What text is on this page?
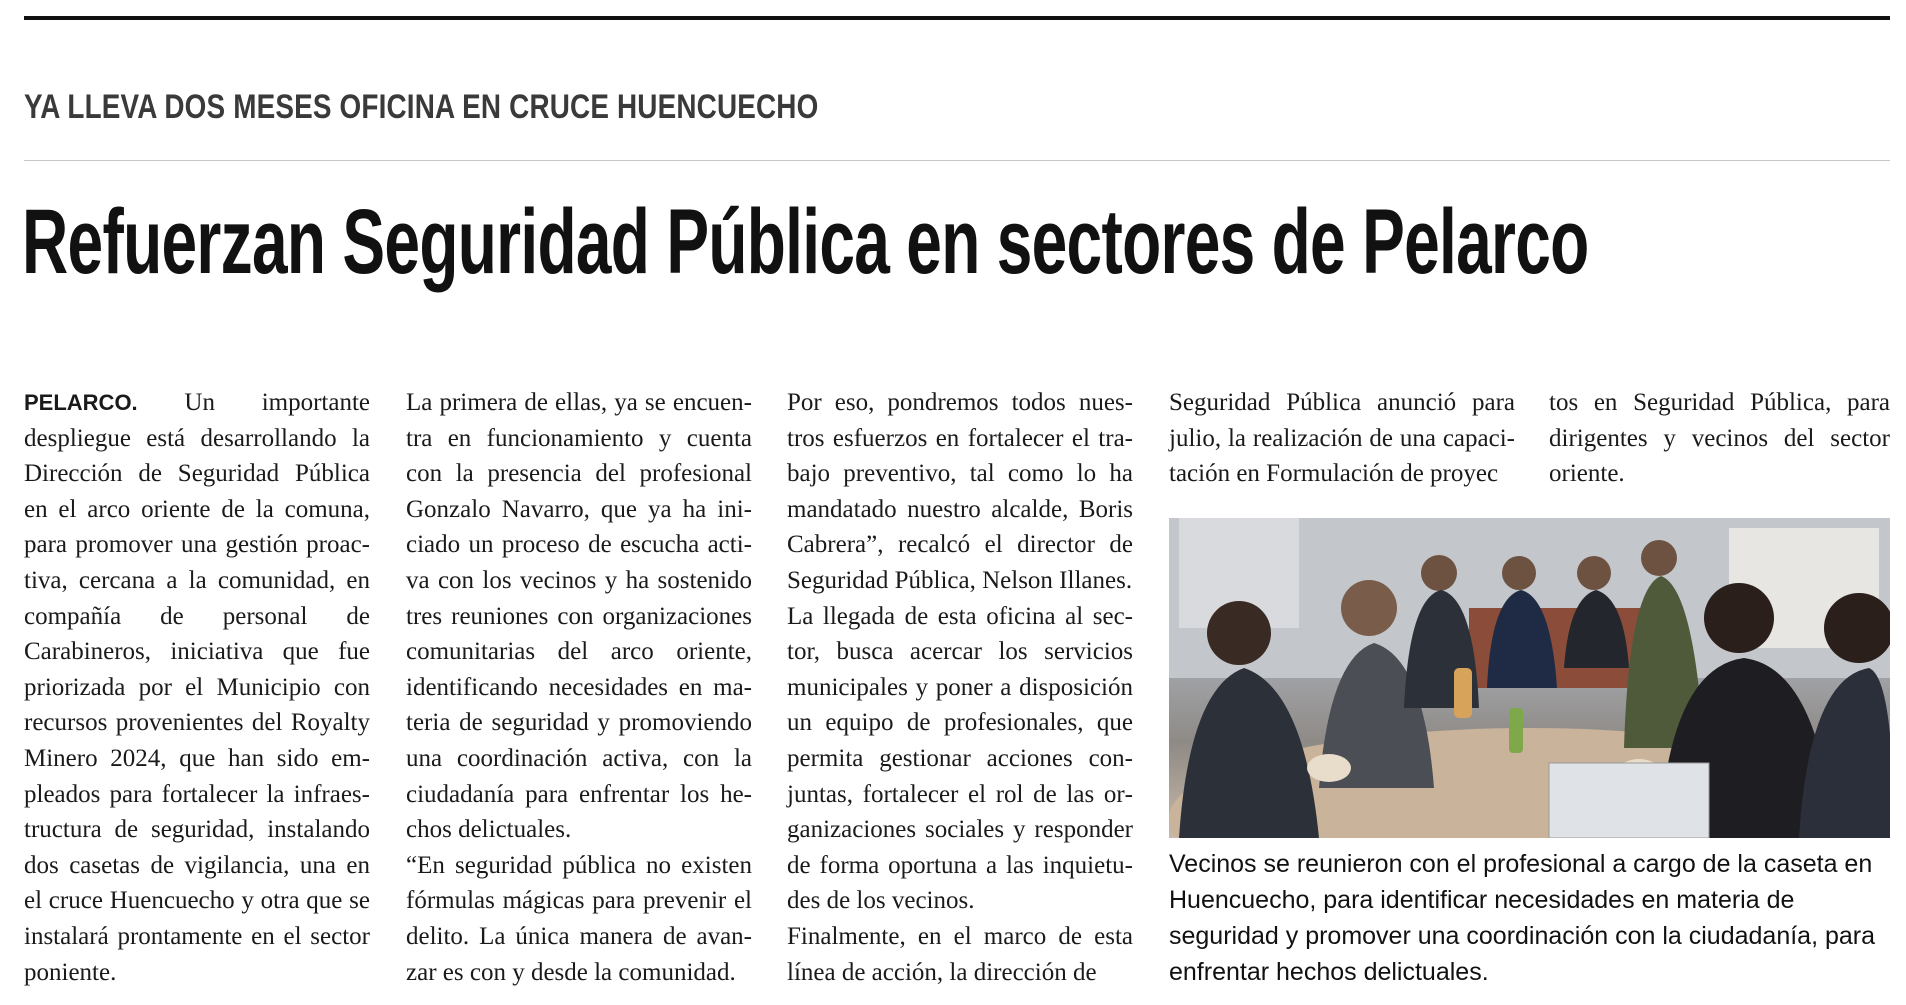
YA LLEVA DOS MESES OFICINA EN CRUCE HUENCUECHO
Refuerzan Seguridad Pública en sectores de Pelarco

PELARCO. Un importante despliegue está desarrollando la Dirección de Seguridad Pública en el arco oriente de la comuna, para promover una gestión proactiva, cercana a la comunidad, en compañía de personal de Carabineros, iniciativa que fue priorizada por el Municipio con recursos provenientes del Royalty Minero 2024, que han sido empleados para fortalecer la infraestructura de seguridad, instalando dos casetas de vigilancia, una en el cruce Huencuecho y otra que se instalará prontamente en el sector poniente.

La primera de ellas, ya se encuentra en funcionamiento y cuenta con la presencia del profesional Gonzalo Navarro, que ya ha iniciado un proceso de escucha activa con los vecinos y ha sostenido tres reuniones con organizaciones comunitarias del arco oriente, identificando necesidades en materia de seguridad y promoviendo una coordinación activa, con la ciudadanía para enfrentar los hechos delictuales.

“En seguridad pública no existen fórmulas mágicas para prevenir el delito. La única manera de avanzar es con y desde la comunidad.

Por eso, pondremos todos nuestros esfuerzos en fortalecer el trabajo preventivo, tal como lo ha mandatado nuestro alcalde, Boris Cabrera”, recalcó el director de Seguridad Pública, Nelson Illanes.

La llegada de esta oficina al sector, busca acercar los servicios municipales y poner a disposición un equipo de profesionales, que permita gestionar acciones conjuntas, fortalecer el rol de las organizaciones sociales y responder de forma oportuna a las inquietudes de los vecinos.

Finalmente, en el marco de esta línea de acción, la dirección de

Seguridad Pública anunció para julio, la realización de una capacitación en Formulación de proyec

tos en Seguridad Pública, para dirigentes y vecinos del sector oriente.

Vecinos se reunieron con el profesional a cargo de la caseta en Huencuecho, para identificar necesidades en materia de seguridad y promover una coordinación con la ciudadanía, para enfrentar hechos delictuales.
